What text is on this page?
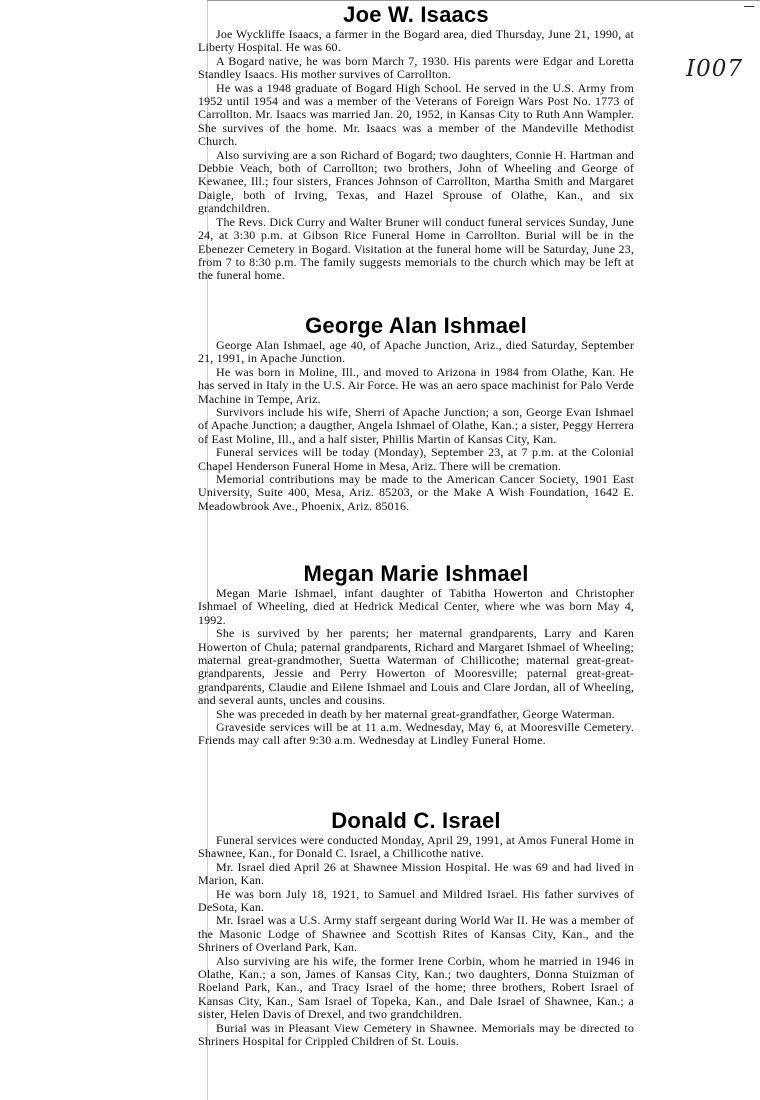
I007
Joe W. Isaacs

Joe Wyckliffe Isaacs, a farmer in the Bogard area, died Thursday, June 21, 1990, at Liberty Hospital. He was 60.

A Bogard native, he was born March 7, 1930. His parents were Edgar and Loretta Standley Isaacs. His mother survives of Carrollton.

He was a 1948 graduate of Bogard High School. He served in the U.S. Army from 1952 until 1954 and was a member of the Veterans of Foreign Wars Post No. 1773 of Carrollton. Mr. Isaacs was married Jan. 20, 1952, in Kansas City to Ruth Ann Wampler. She survives of the home. Mr. Isaacs was a member of the Mandeville Methodist Church.

Also surviving are a son Richard of Bogard; two daughters, Connie H. Hartman and Debbie Veach, both of Carrollton; two brothers, John of Wheeling and George of Kewanee, Ill.; four sisters, Frances Johnson of Carrollton, Martha Smith and Margaret Daigle, both of Irving, Texas, and Hazel Sprouse of Olathe, Kan., and six grandchildren.

The Revs. Dick Curry and Walter Bruner will conduct funeral services Sunday, June 24, at 3:30 p.m. at Gibson Rice Funeral Home in Carrollton. Burial will be in the Ebenezer Cemetery in Bogard. Visitation at the funeral home will be Saturday, June 23, from 7 to 8:30 p.m. The family suggests memorials to the church which may be left at the funeral home.

George Alan Ishmael

George Alan Ishmael, age 40, of Apache Junction, Ariz., died Saturday, September 21, 1991, in Apache Junction.

He was born in Moline, Ill., and moved to Arizona in 1984 from Olathe, Kan. He has served in Italy in the U.S. Air Force. He was an aero space machinist for Palo Verde Machine in Tempe, Ariz.

Survivors include his wife, Sherri of Apache Junction; a son, George Evan Ishmael of Apache Junction; a daugther, Angela Ishmael of Olathe, Kan.; a sister, Peggy Herrera of East Moline, Ill., and a half sister, Phillis Martin of Kansas City, Kan.

Funeral services will be today (Monday), September 23, at 7 p.m. at the Colonial Chapel Henderson Funeral Home in Mesa, Ariz. There will be cremation.

Memorial contributions may be made to the American Cancer Society, 1901 East University, Suite 400, Mesa, Ariz. 85203, or the Make A Wish Foundation, 1642 E. Meadowbrook Ave., Phoenix, Ariz. 85016.

Megan Marie Ishmael

Megan Marie Ishmael, infant daughter of Tabitha Howerton and Christopher Ishmael of Wheeling, died at Hedrick Medical Center, where whe was born May 4, 1992.

She is survived by her parents; her maternal grandparents, Larry and Karen Howerton of Chula; paternal grandparents, Richard and Margaret Ishmael of Wheeling; maternal great-grandmother, Suetta Waterman of Chillicothe; maternal great-great-grandparents, Jessie and Perry Howerton of Mooresville; paternal great-great-grandparents, Claudie and Eilene Ishmael and Louis and Clare Jordan, all of Wheeling, and several aunts, uncles and cousins.

She was preceded in death by her maternal great-grandfather, George Waterman.

Graveside services will be at 11 a.m. Wednesday, May 6, at Mooresville Cemetery. Friends may call after 9:30 a.m. Wednesday at Lindley Funeral Home.

Donald C. Israel

Funeral services were conducted Monday, April 29, 1991, at Amos Funeral Home in Shawnee, Kan., for Donald C. Israel, a Chillicothe native.

Mr. Israel died April 26 at Shawnee Mission Hospital. He was 69 and had lived in Marion, Kan.

He was born July 18, 1921, to Samuel and Mildred Israel. His father survives of DeSota, Kan.

Mr. Israel was a U.S. Army staff sergeant during World War II. He was a member of the Masonic Lodge of Shawnee and Scottish Rites of Kansas City, Kan., and the Shriners of Overland Park, Kan.

Also surviving are his wife, the former Irene Corbin, whom he married in 1946 in Olathe, Kan.; a son, James of Kansas City, Kan.; two daughters, Donna Stuizman of Roeland Park, Kan., and Tracy Israel of the home; three brothers, Robert Israel of Kansas City, Kan., Sam Israel of Topeka, Kan., and Dale Israel of Shawnee, Kan.; a sister, Helen Davis of Drexel, and two grandchildren.

Burial was in Pleasant View Cemetery in Shawnee. Memorials may be directed to Shriners Hospital for Crippled Children of St. Louis.
